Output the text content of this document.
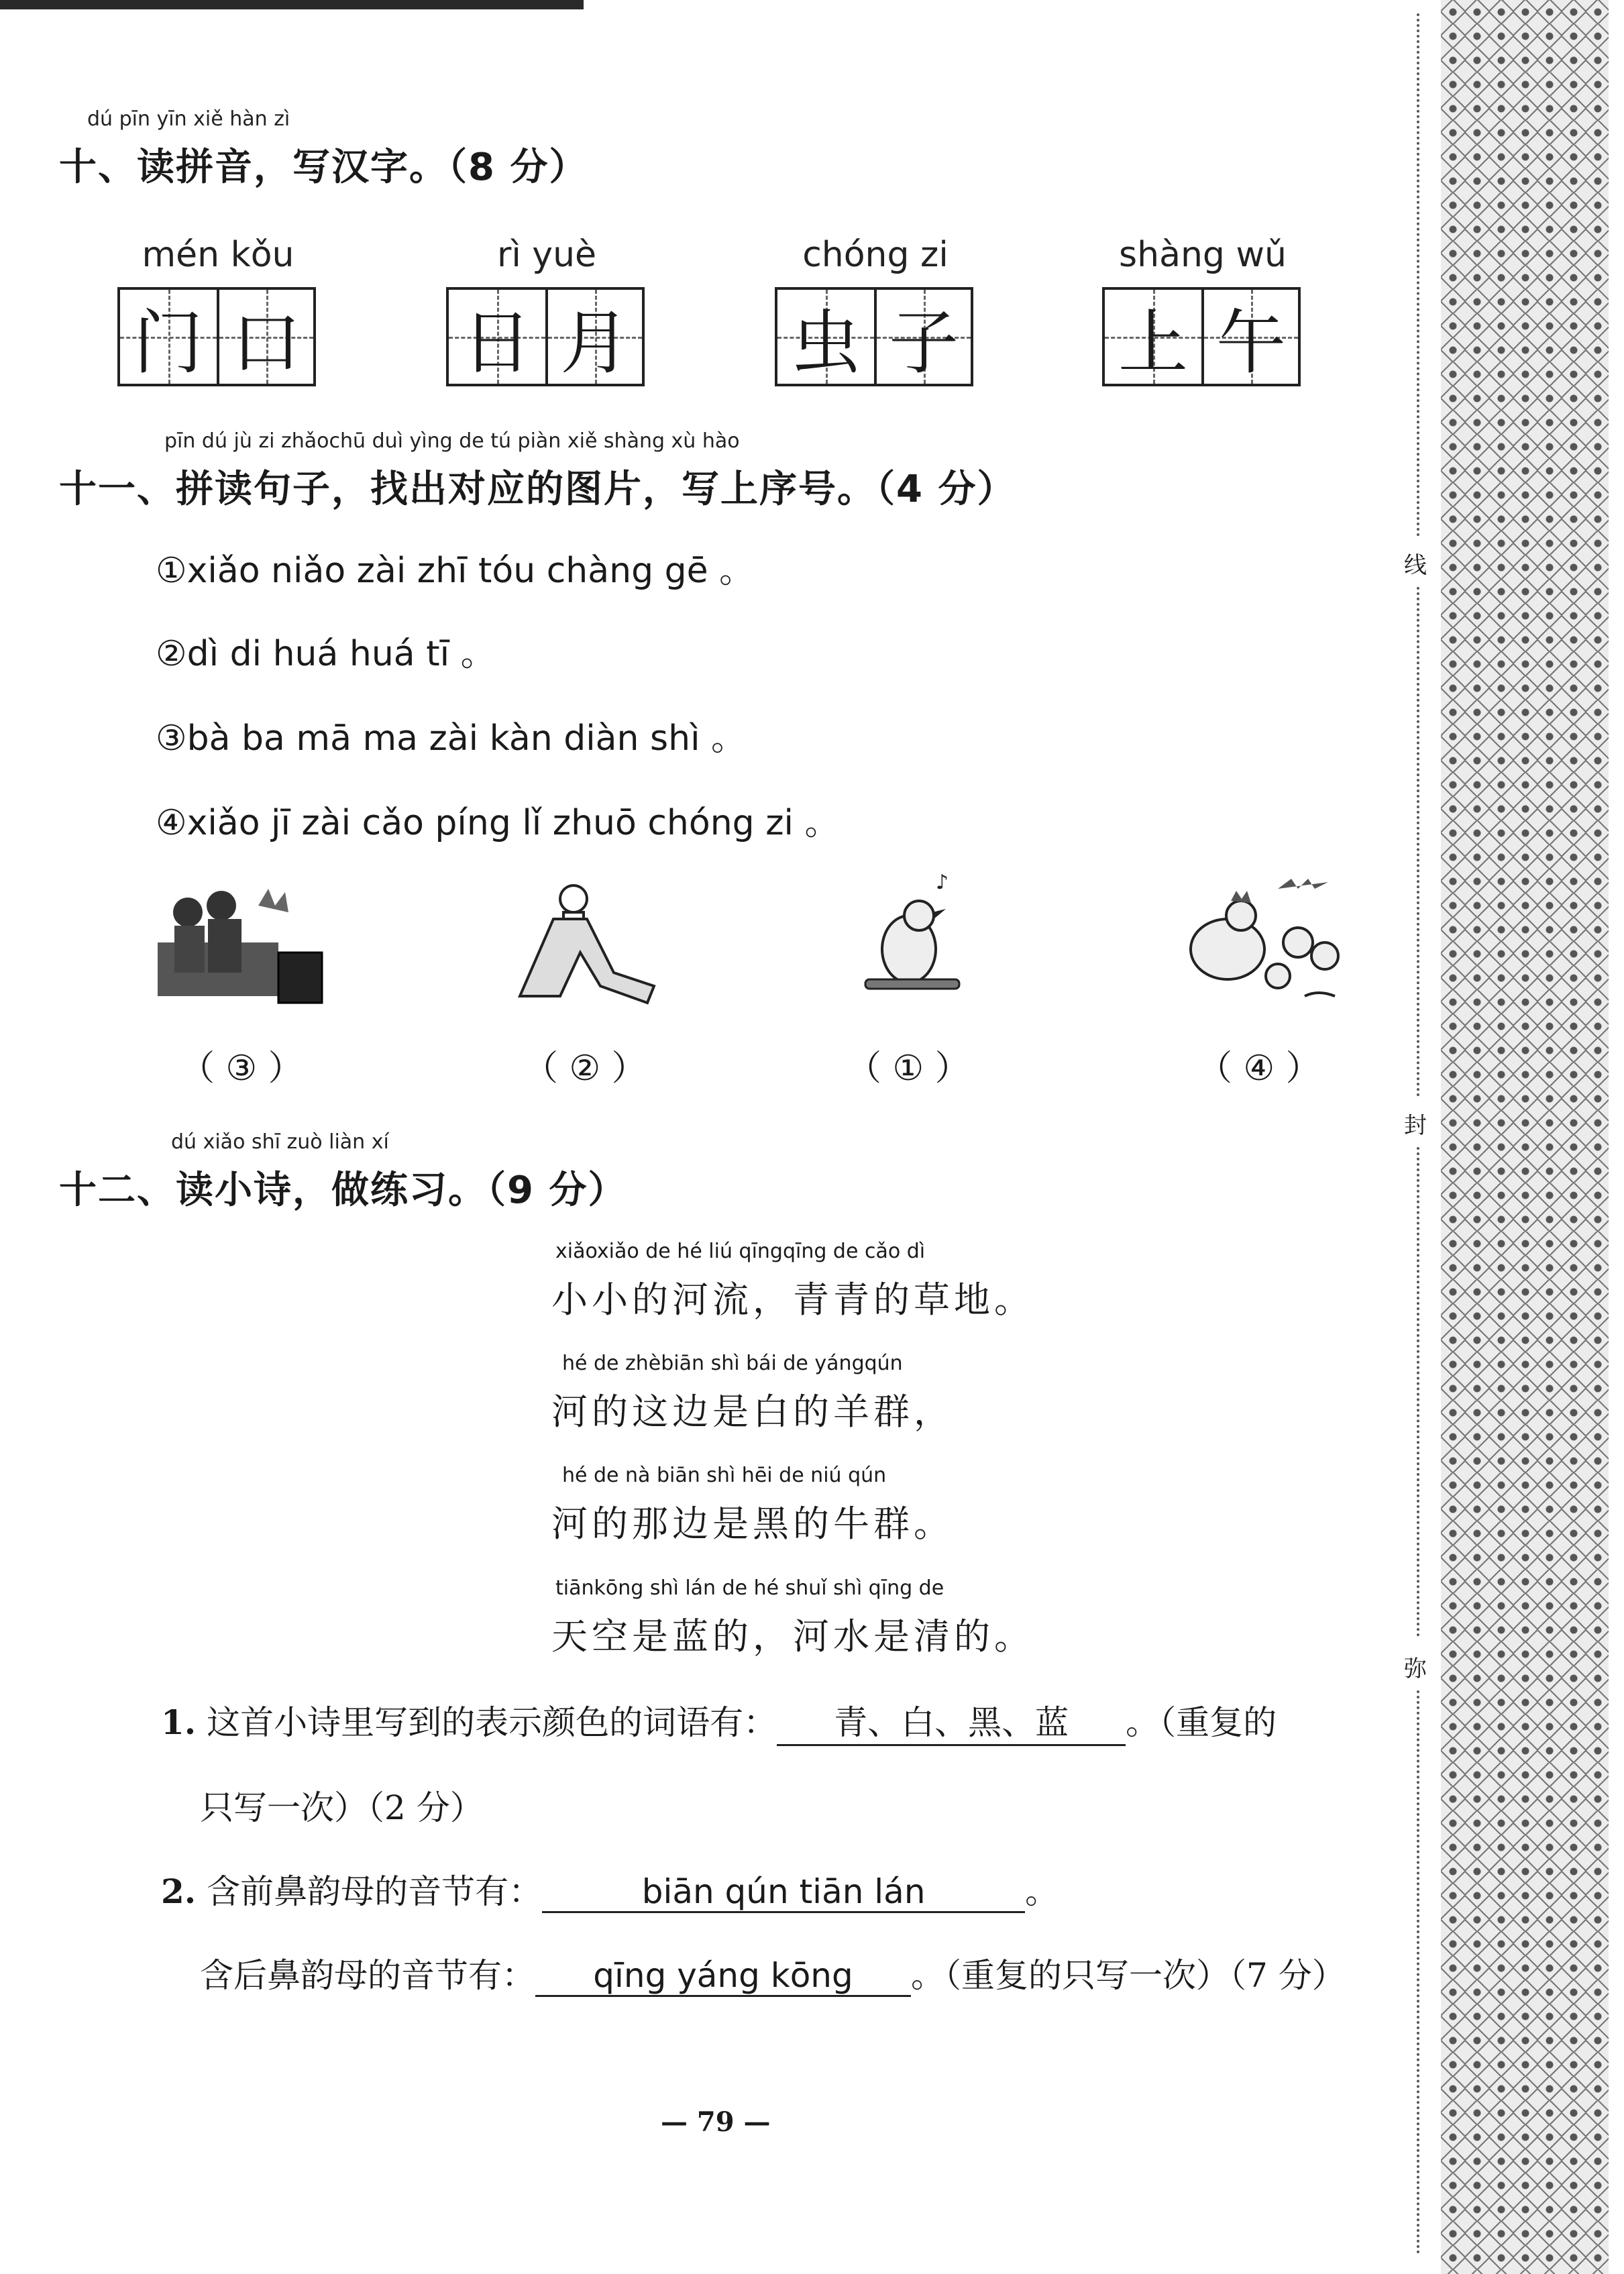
dú pīn yīn xiě hàn zì
十、读拼音，写汉字。（8 分）
mén kǒu
门 口
rì yuè
日 月
chóng zi
虫 子
shàng wǔ
上 午
pīn dú jù zi zhǎochū duì yìng de tú piàn xiě shàng xù hào
十一、拼读句子，找出对应的图片，写上序号。（4 分）
①xiǎo niǎo zài zhī tóu chàng gē 。
②dì di huá huá tī 。
③bà ba mā ma zài kàn diàn shì 。
④xiǎo jī zài cǎo píng lǐ zhuō chóng zi 。
♪
（ ③ ）	（ ② ）	（ ① ）	（ ④ ）
dú xiǎo shī zuò liàn xí
十二、读小诗，做练习。（9 分）
xiǎoxiǎo de hé liú qīngqīng de cǎo dì
小小的河流，青青的草地。
hé de zhèbiān shì bái de yángqún
河的这边是白的羊群，
hé de nà biān shì hēi de niú qún
河的那边是黑的牛群。
tiānkōng shì lán de hé shuǐ shì qīng de
天空是蓝的，河水是清的。
1. 这首小诗里写到的表示颜色的词语有： 青、白、黑、蓝 。（重复的
只写一次）（2 分）
2. 含前鼻韵母的音节有：	biān qún tiān lán	。
含后鼻韵母的音节有： qīng yáng kōng 。（重复的只写一次）（7 分）
— 79 —
线
封
弥
